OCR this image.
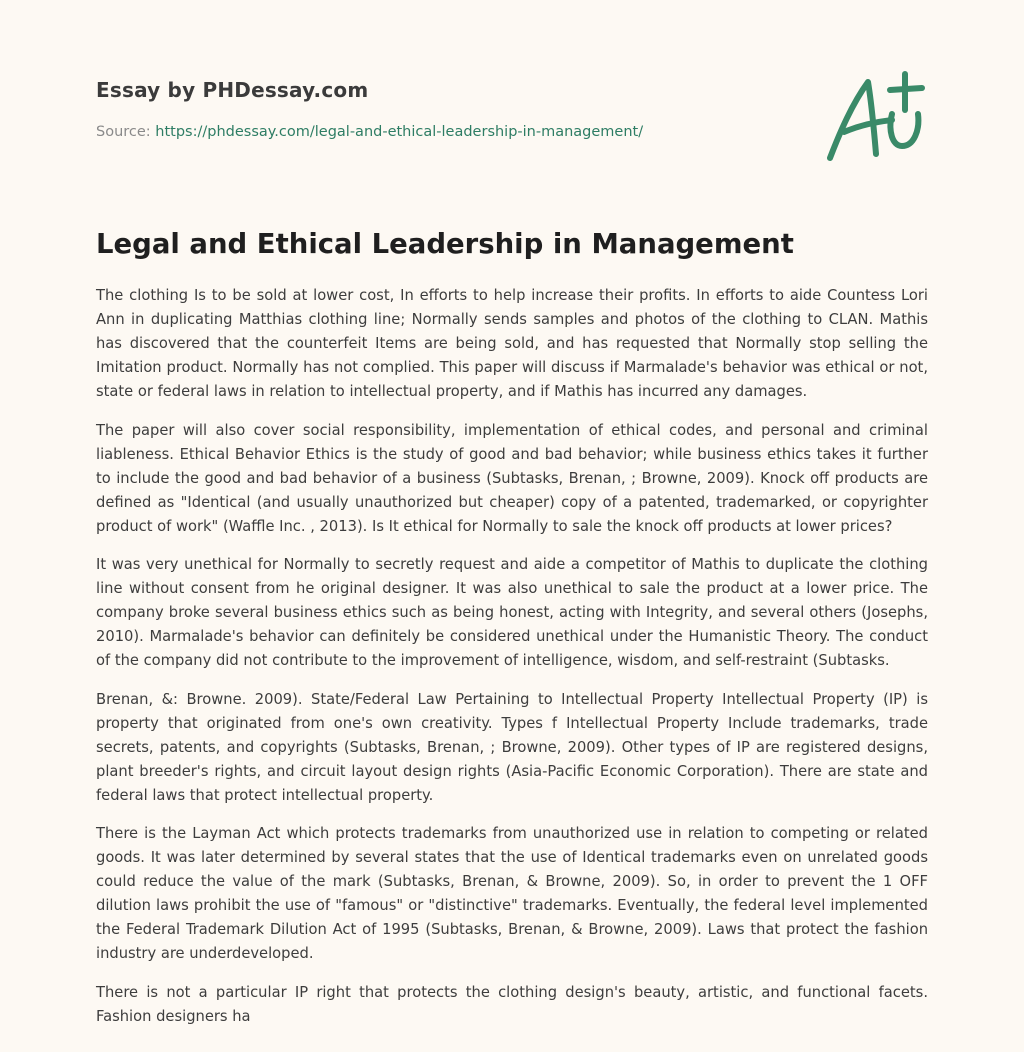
Essay by PHDessay.com
Source: https://phdessay.com/legal-and-ethical-leadership-in-management/
Legal and Ethical Leadership in Management

The clothing Is to be sold at lower cost, In efforts to help increase their profits. In efforts to aide Countess Lori Ann in duplicating Matthias clothing line; Normally sends samples and photos of the clothing to CLAN. Mathis has discovered that the counterfeit Items are being sold, and has requested that Normally stop selling the Imitation product. Normally has not complied. This paper will discuss if Marmalade's behavior was ethical or not, state or federal laws in relation to intellectual property, and if Mathis has incurred any damages.

The paper will also cover social responsibility, implementation of ethical codes, and personal and criminal liableness. Ethical Behavior Ethics is the study of good and bad behavior; while business ethics takes it further to include the good and bad behavior of a business (Subtasks, Brenan, ; Browne, 2009). Knock off products are defined as "Identical (and usually unauthorized but cheaper) copy of a patented, trademarked, or copyrighter product of work" (Waffle Inc. , 2013). Is It ethical for Normally to sale the knock off products at lower prices?

It was very unethical for Normally to secretly request and aide a competitor of Mathis to duplicate the clothing line without consent from he original designer. It was also unethical to sale the product at a lower price. The company broke several business ethics such as being honest, acting with Integrity, and several others (Josephs, 2010). Marmalade's behavior can definitely be considered unethical under the Humanistic Theory. The conduct of the company did not contribute to the improvement of intelligence, wisdom, and self-restraint (Subtasks.

Brenan, &: Browne. 2009). State/Federal Law Pertaining to Intellectual Property Intellectual Property (IP) is property that originated from one's own creativity. Types f Intellectual Property Include trademarks, trade secrets, patents, and copyrights (Subtasks, Brenan, ; Browne, 2009). Other types of IP are registered designs, plant breeder's rights, and circuit layout design rights (Asia-Pacific Economic Corporation). There are state and federal laws that protect intellectual property.

There is the Layman Act which protects trademarks from unauthorized use in relation to competing or related goods. It was later determined by several states that the use of Identical trademarks even on unrelated goods could reduce the value of the mark (Subtasks, Brenan, & Browne, 2009). So, in order to prevent the 1 OFF dilution laws prohibit the use of "famous" or "distinctive" trademarks. Eventually, the federal level implemented the Federal Trademark Dilution Act of 1995 (Subtasks, Brenan, & Browne, 2009). Laws that protect the fashion industry are underdeveloped.

There is not a particular IP right that protects the clothing design's beauty, artistic, and functional facets. Fashion designers ha
